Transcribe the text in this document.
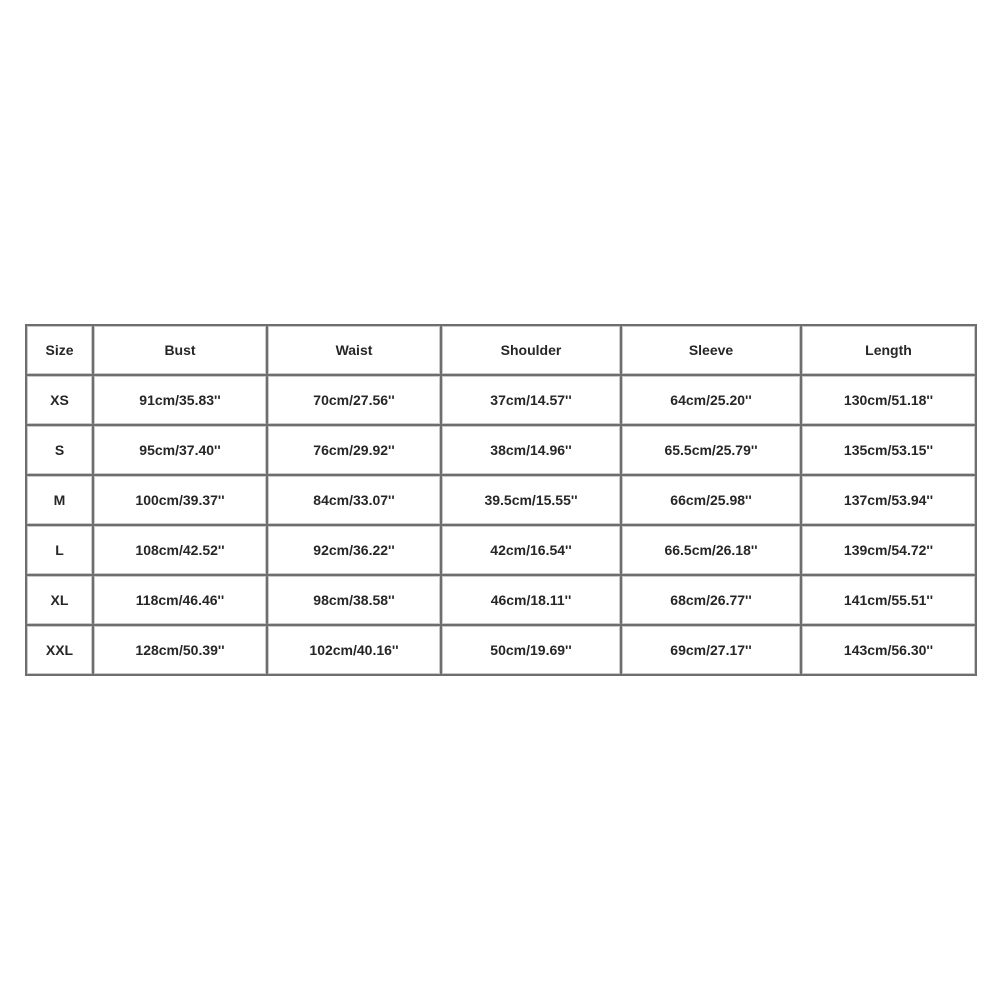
Size	Bust	Waist	Shoulder	Sleeve	Length
XS	91cm/35.83''	70cm/27.56''	37cm/14.57''	64cm/25.20''	130cm/51.18''
S	95cm/37.40''	76cm/29.92''	38cm/14.96''	65.5cm/25.79''	135cm/53.15''
M	100cm/39.37''	84cm/33.07''	39.5cm/15.55''	66cm/25.98''	137cm/53.94''
L	108cm/42.52''	92cm/36.22''	42cm/16.54''	66.5cm/26.18''	139cm/54.72''
XL	118cm/46.46''	98cm/38.58''	46cm/18.11''	68cm/26.77''	141cm/55.51''
XXL	128cm/50.39''	102cm/40.16''	50cm/19.69''	69cm/27.17''	143cm/56.30''
